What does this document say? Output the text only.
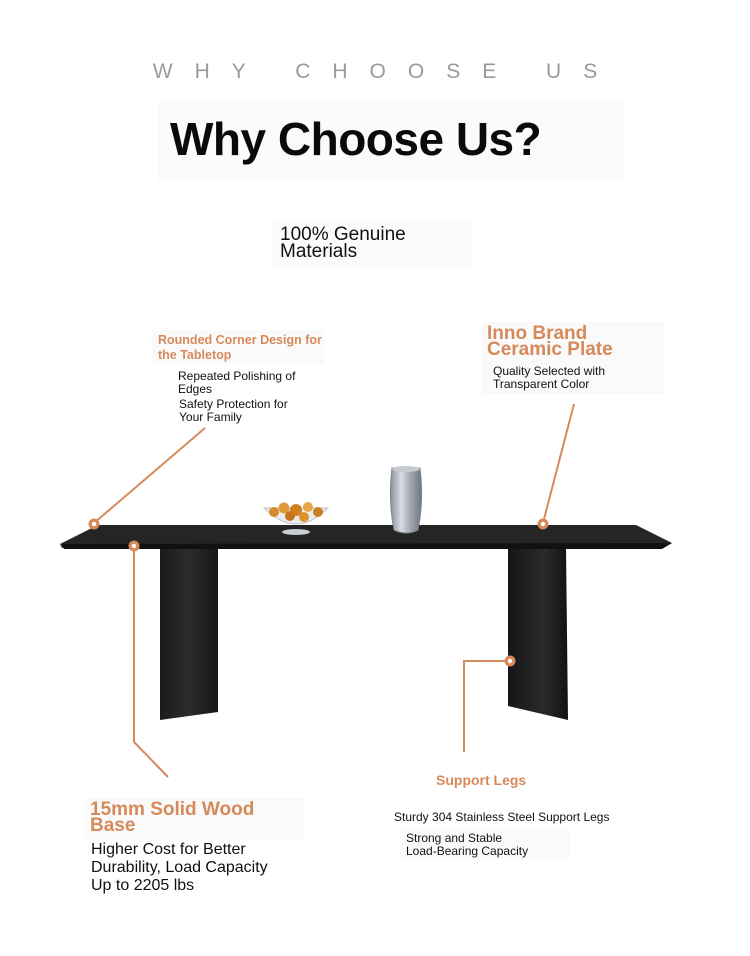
WHY CHOOSE US
Why Choose Us?
100% Genuine
Materials
Rounded Corner Design for
the Tabletop
Repeated Polishing of
Edges
Safety Protection for
Your Family
Inno Brand
Ceramic Plate
Quality Selected with
Transparent Color
15mm Solid Wood
Base
Higher Cost for Better
Durability, Load Capacity
Up to 2205 lbs
Support Legs
Sturdy 304 Stainless Steel Support Legs
Strong and Stable
Load-Bearing Capacity
